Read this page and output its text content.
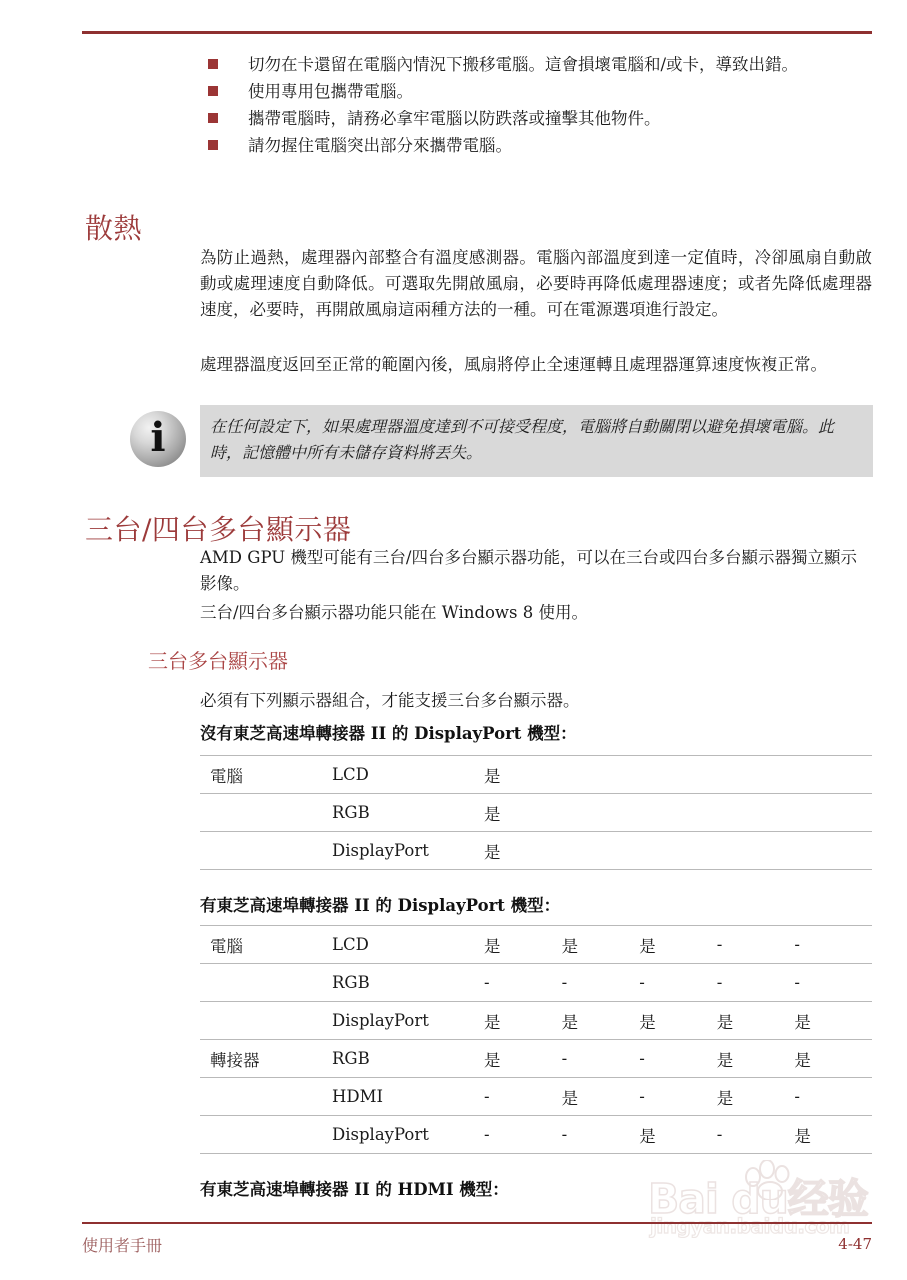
切勿在卡還留在電腦內情況下搬移電腦。這會損壞電腦和/或卡，導致出錯。
使用專用包攜帶電腦。
攜帶電腦時，請務必拿牢電腦以防跌落或撞擊其他物件。
請勿握住電腦突出部分來攜帶電腦。
散熱
為防止過熱，處理器內部整合有溫度感測器。電腦內部溫度到達一定值時，冷卻風扇自動啟動或處理速度自動降低。可選取先開啟風扇，必要時再降低處理器速度；或者先降低處理器速度，必要時，再開啟風扇這兩種方法的一種。可在電源選項進行設定。
處理器溫度返回至正常的範圍內後，風扇將停止全速運轉且處理器運算速度恢複正常。
i	在任何設定下，如果處理器溫度達到不可接受程度，電腦將自動關閉以避免損壞電腦。此時，記憶體中所有未儲存資料將丟失。
三台/四台多台顯示器
AMD GPU 機型可能有三台/四台多台顯示器功能，可以在三台或四台多台顯示器獨立顯示影像。
三台/四台多台顯示器功能只能在 Windows 8 使用。
三台多台顯示器
必須有下列顯示器組合，才能支援三台多台顯示器。
沒有東芝高速埠轉接器 II 的 DisplayPort 機型：
電腦	LCD	是
	RGB	是
	DisplayPort	是
有東芝高速埠轉接器 II 的 DisplayPort 機型：
電腦	LCD	是	是	是	-	-
	RGB	-	-	-	-	-
	DisplayPort	是	是	是	是	是
轉接器	RGB	是	-	-	是	是
	HDMI	-	是	-	是	-
	DisplayPort	-	-	是	-	是
有東芝高速埠轉接器 II 的 HDMI 機型：	Bai du经验
jingyan.baidu.com
使用者手冊	4-47
